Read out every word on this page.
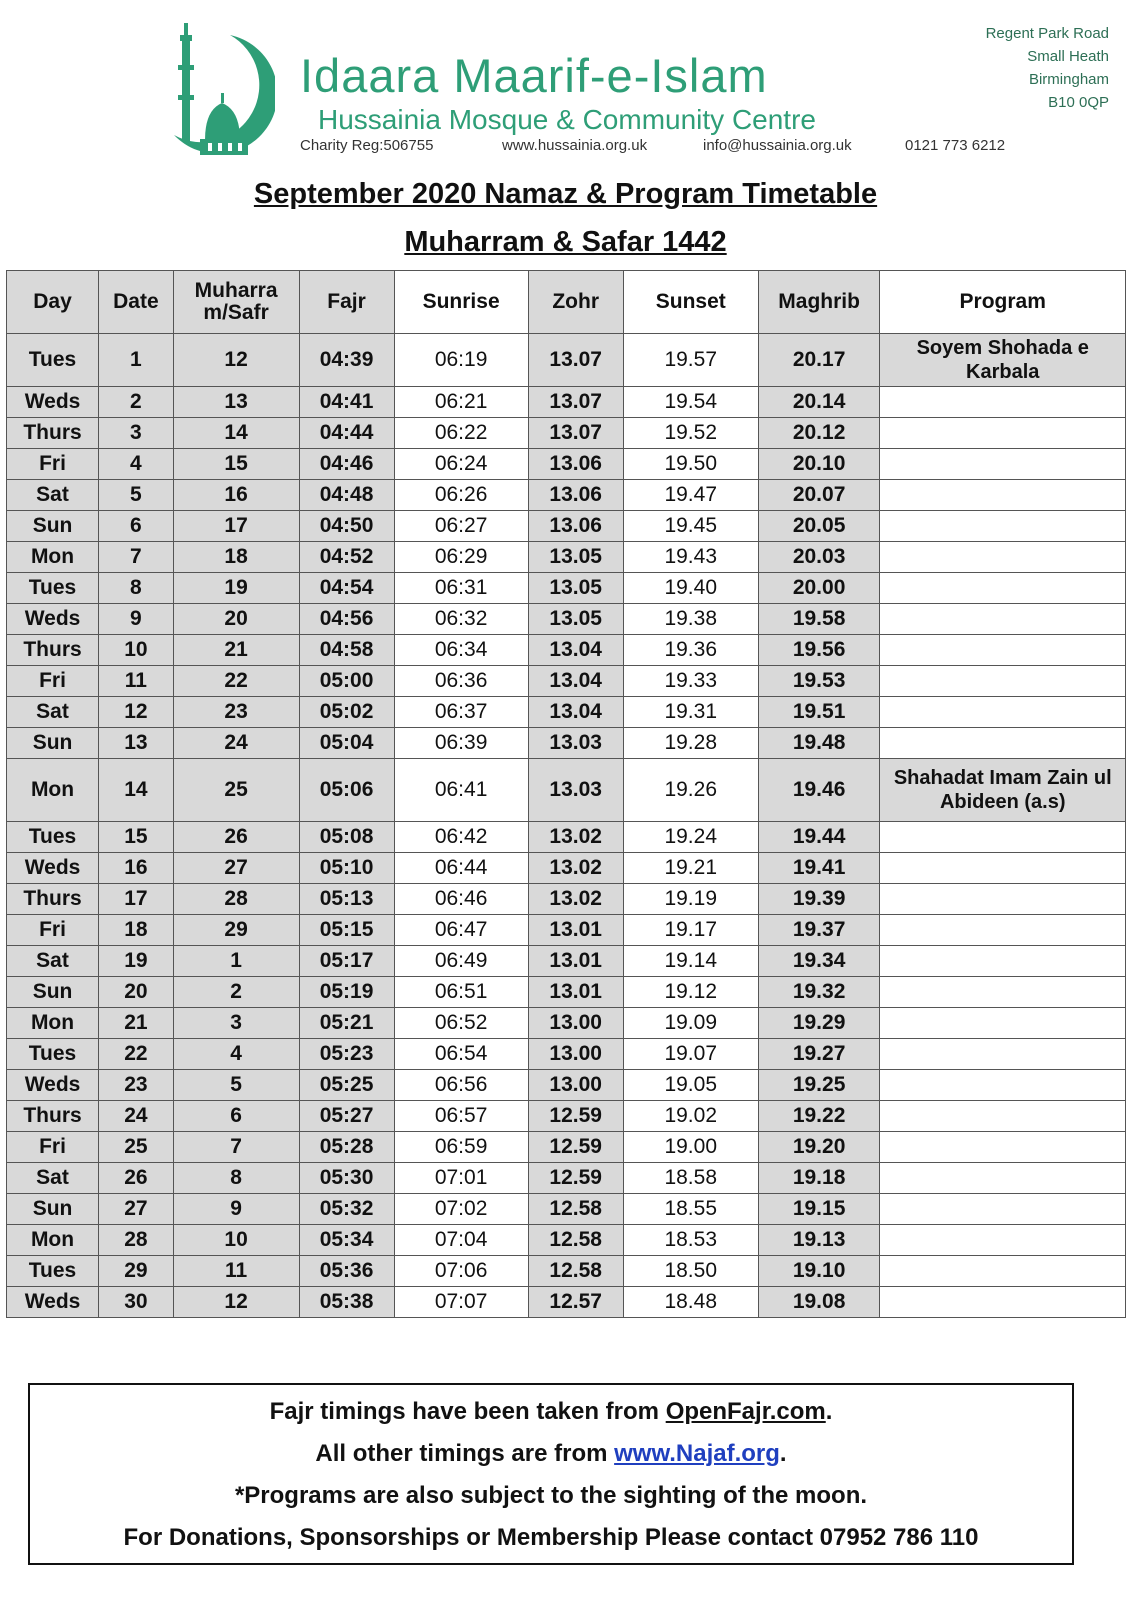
Idaara Maarif-e-Islam
Hussainia Mosque & Community Centre
Charity Reg:506755	www.hussainia.org.uk	info@hussainia.org.uk	0121 773 6212
Regent Park Road
Small Heath
Birmingham
B10 0QP
September 2020 Namaz & Program Timetable
Muharram & Safar 1442
Day	Date	Muharra m/Safr	Fajr	Sunrise	Zohr	Sunset	Maghrib	Program
Tues	1	12	04:39	06:19	13.07	19.57	20.17	Soyem Shohada e Karbala
Weds	2	13	04:41	06:21	13.07	19.54	20.14	
Thurs	3	14	04:44	06:22	13.07	19.52	20.12	
Fri	4	15	04:46	06:24	13.06	19.50	20.10	
Sat	5	16	04:48	06:26	13.06	19.47	20.07	
Sun	6	17	04:50	06:27	13.06	19.45	20.05	
Mon	7	18	04:52	06:29	13.05	19.43	20.03	
Tues	8	19	04:54	06:31	13.05	19.40	20.00	
Weds	9	20	04:56	06:32	13.05	19.38	19.58	
Thurs	10	21	04:58	06:34	13.04	19.36	19.56	
Fri	11	22	05:00	06:36	13.04	19.33	19.53	
Sat	12	23	05:02	06:37	13.04	19.31	19.51	
Sun	13	24	05:04	06:39	13.03	19.28	19.48	
Mon	14	25	05:06	06:41	13.03	19.26	19.46	Shahadat Imam Zain ul Abideen (a.s)
Tues	15	26	05:08	06:42	13.02	19.24	19.44	
Weds	16	27	05:10	06:44	13.02	19.21	19.41	
Thurs	17	28	05:13	06:46	13.02	19.19	19.39	
Fri	18	29	05:15	06:47	13.01	19.17	19.37	
Sat	19	1	05:17	06:49	13.01	19.14	19.34	
Sun	20	2	05:19	06:51	13.01	19.12	19.32	
Mon	21	3	05:21	06:52	13.00	19.09	19.29	
Tues	22	4	05:23	06:54	13.00	19.07	19.27	
Weds	23	5	05:25	06:56	13.00	19.05	19.25	
Thurs	24	6	05:27	06:57	12.59	19.02	19.22	
Fri	25	7	05:28	06:59	12.59	19.00	19.20	
Sat	26	8	05:30	07:01	12.59	18.58	19.18	
Sun	27	9	05:32	07:02	12.58	18.55	19.15	
Mon	28	10	05:34	07:04	12.58	18.53	19.13	
Tues	29	11	05:36	07:06	12.58	18.50	19.10	
Weds	30	12	05:38	07:07	12.57	18.48	19.08	
Fajr timings have been taken from OpenFajr.com.
All other timings are from www.Najaf.org.
*Programs are also subject to the sighting of the moon.
For Donations, Sponsorships or Membership Please contact 07952 786 110
